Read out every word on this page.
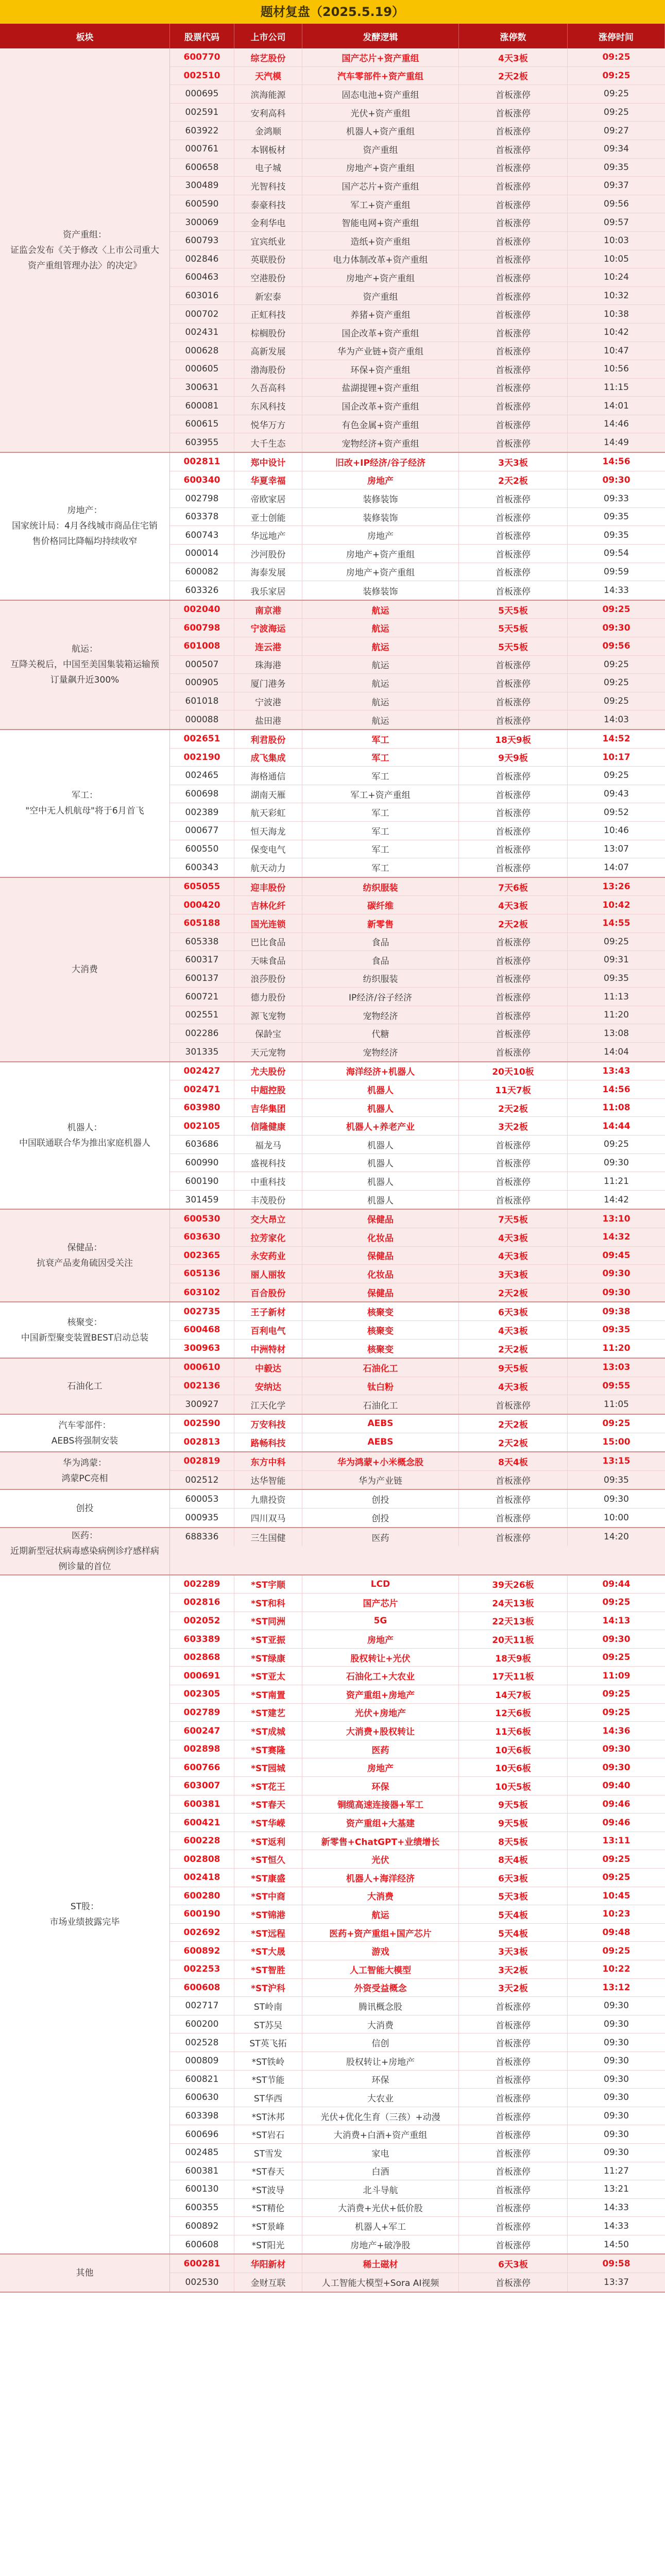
题材复盘（2025.5.19）
板块	股票代码	上市公司	发酵逻辑	涨停数	涨停时间
资产重组：
证监会发布《关于修改〈上市公司重大资产重组管理办法〉的决定》
600770	综艺股份	国产芯片+资产重组	4天3板	09:25
002510	天汽模	汽车零部件+资产重组	2天2板	09:25
000695	滨海能源	固态电池+资产重组	首板涨停	09:25
002591	安利高科	光伏+资产重组	首板涨停	09:25
603922	金鸿顺	机器人+资产重组	首板涨停	09:27
000761	本钢板材	资产重组	首板涨停	09:34
600658	电子城	房地产+资产重组	首板涨停	09:35
300489	光智科技	国产芯片+资产重组	首板涨停	09:37
600590	泰豪科技	军工+资产重组	首板涨停	09:56
300069	金利华电	智能电网+资产重组	首板涨停	09:57
600793	宜宾纸业	造纸+资产重组	首板涨停	10:03
002846	英联股份	电力体制改革+资产重组	首板涨停	10:05
600463	空港股份	房地产+资产重组	首板涨停	10:24
603016	新宏泰	资产重组	首板涨停	10:32
000702	正虹科技	养猪+资产重组	首板涨停	10:38
002431	棕榈股份	国企改革+资产重组	首板涨停	10:42
000628	高新发展	华为产业链+资产重组	首板涨停	10:47
000605	渤海股份	环保+资产重组	首板涨停	10:56
300631	久吾高科	盐湖提锂+资产重组	首板涨停	11:15
600081	东风科技	国企改革+资产重组	首板涨停	14:01
600615	悦华万方	有色金属+资产重组	首板涨停	14:46
603955	大千生态	宠物经济+资产重组	首板涨停	14:49
房地产：
国家统计局：4月各线城市商品住宅销售价格同比降幅均持续收窄
002811	郑中设计	旧改+IP经济/谷子经济	3天3板	14:56
600340	华夏幸福	房地产	2天2板	09:30
002798	帝欧家居	装修装饰	首板涨停	09:33
603378	亚士创能	装修装饰	首板涨停	09:35
600743	华远地产	房地产	首板涨停	09:35
000014	沙河股份	房地产+资产重组	首板涨停	09:54
600082	海泰发展	房地产+资产重组	首板涨停	09:59
603326	我乐家居	装修装饰	首板涨停	14:33
航运：
互降关税后，中国至美国集装箱运输预订量飙升近300%
002040	南京港	航运	5天5板	09:25
600798	宁波海运	航运	5天5板	09:30
601008	连云港	航运	5天5板	09:56
000507	珠海港	航运	首板涨停	09:25
000905	厦门港务	航运	首板涨停	09:25
601018	宁波港	航运	首板涨停	09:25
000088	盐田港	航运	首板涨停	14:03
军工：
"空中无人机航母"将于6月首飞
002651	利君股份	军工	18天9板	14:52
002190	成飞集成	军工	9天9板	10:17
002465	海格通信	军工	首板涨停	09:25
600698	湖南天雁	军工+资产重组	首板涨停	09:43
002389	航天彩虹	军工	首板涨停	09:52
000677	恒天海龙	军工	首板涨停	10:46
600550	保变电气	军工	首板涨停	13:07
600343	航天动力	军工	首板涨停	14:07
大消费
605055	迎丰股份	纺织服装	7天6板	13:26
000420	吉林化纤	碳纤维	4天3板	10:42
605188	国光连锁	新零售	2天2板	14:55
605338	巴比食品	食品	首板涨停	09:25
600317	天味食品	食品	首板涨停	09:31
600137	浪莎股份	纺织服装	首板涨停	09:35
600721	德力股份	IP经济/谷子经济	首板涨停	11:13
002551	源飞宠物	宠物经济	首板涨停	11:20
002286	保龄宝	代糖	首板涨停	13:08
301335	天元宠物	宠物经济	首板涨停	14:04
机器人：
中国联通联合华为推出家庭机器人
002427	尤夫股份	海洋经济+机器人	20天10板	13:43
002471	中超控股	机器人	11天7板	14:56
603980	吉华集团	机器人	2天2板	11:08
002105	信隆健康	机器人+养老产业	3天2板	14:44
603686	福龙马	机器人	首板涨停	09:25
600990	盛视科技	机器人	首板涨停	09:30
600190	中重科技	机器人	首板涨停	11:21
301459	丰茂股份	机器人	首板涨停	14:42
保健品：
抗衰产品麦角硫因受关注
600530	交大昂立	保健品	7天5板	13:10
603630	拉芳家化	化妆品	4天3板	14:32
002365	永安药业	保健品	4天3板	09:45
605136	丽人丽妆	化妆品	3天3板	09:30
603102	百合股份	保健品	2天2板	09:30
核聚变：
中国新型聚变装置BEST启动总装
002735	王子新材	核聚变	6天3板	09:38
600468	百利电气	核聚变	4天3板	09:35
300963	中洲特材	核聚变	2天2板	11:20
石油化工
000610	中毅达	石油化工	9天5板	13:03
002136	安纳达	钛白粉	4天3板	09:55
300927	江天化学	石油化工	首板涨停	11:05
汽车零部件：
AEBS将强制安装
002590	万安科技	AEBS	2天2板	09:25
002813	路畅科技	AEBS	2天2板	15:00
华为鸿蒙：
鸿蒙PC亮相
002819	东方中科	华为鸿蒙+小米概念股	8天4板	13:15
002512	达华智能	华为产业链	首板涨停	09:35
创投
600053	九鼎投资	创投	首板涨停	09:30
000935	四川双马	创投	首板涨停	10:00
医药：
近期新型冠状病毒感染病例诊疗感样病例诊量的首位
688336	三生国健	医药	首板涨停	14:20
ST股：
市场业绩披露完毕
002289	*ST宇顺	LCD	39天26板	09:44
002816	*ST和科	国产芯片	24天13板	09:25
002052	*ST同洲	5G	22天13板	14:13
603389	*ST亚振	房地产	20天11板	09:30
002868	*ST绿康	股权转让+光伏	18天9板	09:25
000691	*ST亚太	石油化工+大农业	17天11板	11:09
002305	*ST南置	资产重组+房地产	14天7板	09:25
002789	*ST建艺	光伏+房地产	12天6板	09:25
600247	*ST成城	大消费+股权转让	11天6板	14:36
002898	*ST赛隆	医药	10天6板	09:30
600766	*ST园城	房地产	10天6板	09:30
603007	*ST花王	环保	10天5板	09:40
600381	*ST春天	铜缆高速连接器+军工	9天5板	09:46
600421	*ST华嵘	资产重组+大基建	9天5板	09:46
600228	*ST返利	新零售+ChatGPT+业绩增长	8天5板	13:11
002808	*ST恒久	光伏	8天4板	09:25
002418	*ST康盛	机器人+海洋经济	6天3板	09:25
600280	*ST中商	大消费	5天3板	10:45
600190	*ST锦港	航运	5天4板	10:23
002692	*ST远程	医药+资产重组+国产芯片	5天4板	09:48
600892	*ST大晟	游戏	3天3板	09:25
002253	*ST智胜	人工智能大模型	3天2板	10:22
600608	*ST沪科	外资受益概念	3天2板	13:12
002717	ST岭南	腾讯概念股	首板涨停	09:30
600200	ST苏吴	大消费	首板涨停	09:30
002528	ST英飞拓	信创	首板涨停	09:30
000809	*ST铁岭	股权转让+房地产	首板涨停	09:30
600821	*ST节能	环保	首板涨停	09:30
600630	ST华西	大农业	首板涨停	09:30
603398	*ST沐邦	光伏+优化生育（三孩）+动漫	首板涨停	09:30
600696	*ST岩石	大消费+白酒+资产重组	首板涨停	09:30
002485	ST雪发	家电	首板涨停	09:30
600381	*ST春天	白酒	首板涨停	11:27
600130	*ST波导	北斗导航	首板涨停	13:21
600355	*ST精伦	大消费+光伏+低价股	首板涨停	14:33
600892	*ST景峰	机器人+军工	首板涨停	14:33
600608	*ST阳光	房地产+破净股	首板涨停	14:50
其他
600281	华阳新材	稀土磁材	6天3板	09:58
002530	金财互联	人工智能大模型+Sora AI视频	首板涨停	13:37
